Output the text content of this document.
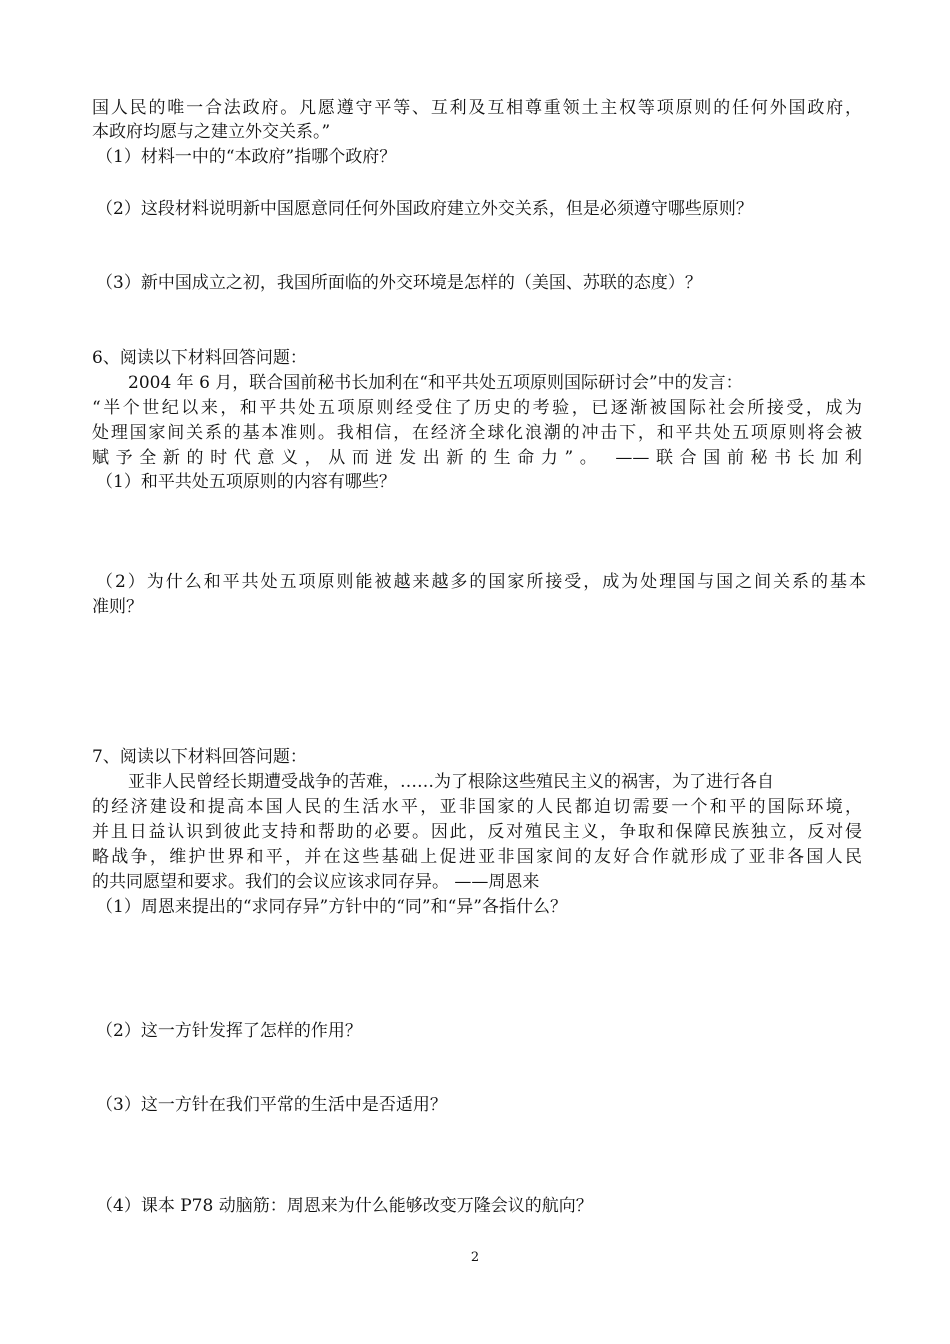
国人民的唯一合法政府。凡愿遵守平等、互利及互相尊重领土主权等项原则的任何外国政府，
本政府均愿与之建立外交关系。”
（1）材料一中的“本政府”指哪个政府？
（2）这段材料说明新中国愿意同任何外国政府建立外交关系，但是必须遵守哪些原则？
（3）新中国成立之初，我国所面临的外交环境是怎样的（美国、苏联的态度）？
6、阅读以下材料回答问题：
2004 年 6 月，联合国前秘书长加利在“和平共处五项原则国际研讨会”中的发言：
“半个世纪以来，和平共处五项原则经受住了历史的考验，已逐渐被国际社会所接受，成为
处理国家间关系的基本准则。我相信，在经济全球化浪潮的冲击下，和平共处五项原则将会被
赋予全新的时代意义，从而迸发出新的生命力”。 ——联合国前秘书长加利
（1）和平共处五项原则的内容有哪些？
（2）为什么和平共处五项原则能被越来越多的国家所接受，成为处理国与国之间关系的基本
准则？
7、阅读以下材料回答问题：
亚非人民曾经长期遭受战争的苦难，……为了根除这些殖民主义的祸害，为了进行各自
的经济建设和提高本国人民的生活水平，亚非国家的人民都迫切需要一个和平的国际环境，
并且日益认识到彼此支持和帮助的必要。因此，反对殖民主义，争取和保障民族独立，反对侵
略战争，维护世界和平，并在这些基础上促进亚非国家间的友好合作就形成了亚非各国人民
的共同愿望和要求。我们的会议应该求同存异。 ——周恩来
（1）周恩来提出的“求同存异”方针中的“同”和“异”各指什么？
（2）这一方针发挥了怎样的作用？
（3）这一方针在我们平常的生活中是否适用？
（4）课本 P78 动脑筋：周恩来为什么能够改变万隆会议的航向？
2
